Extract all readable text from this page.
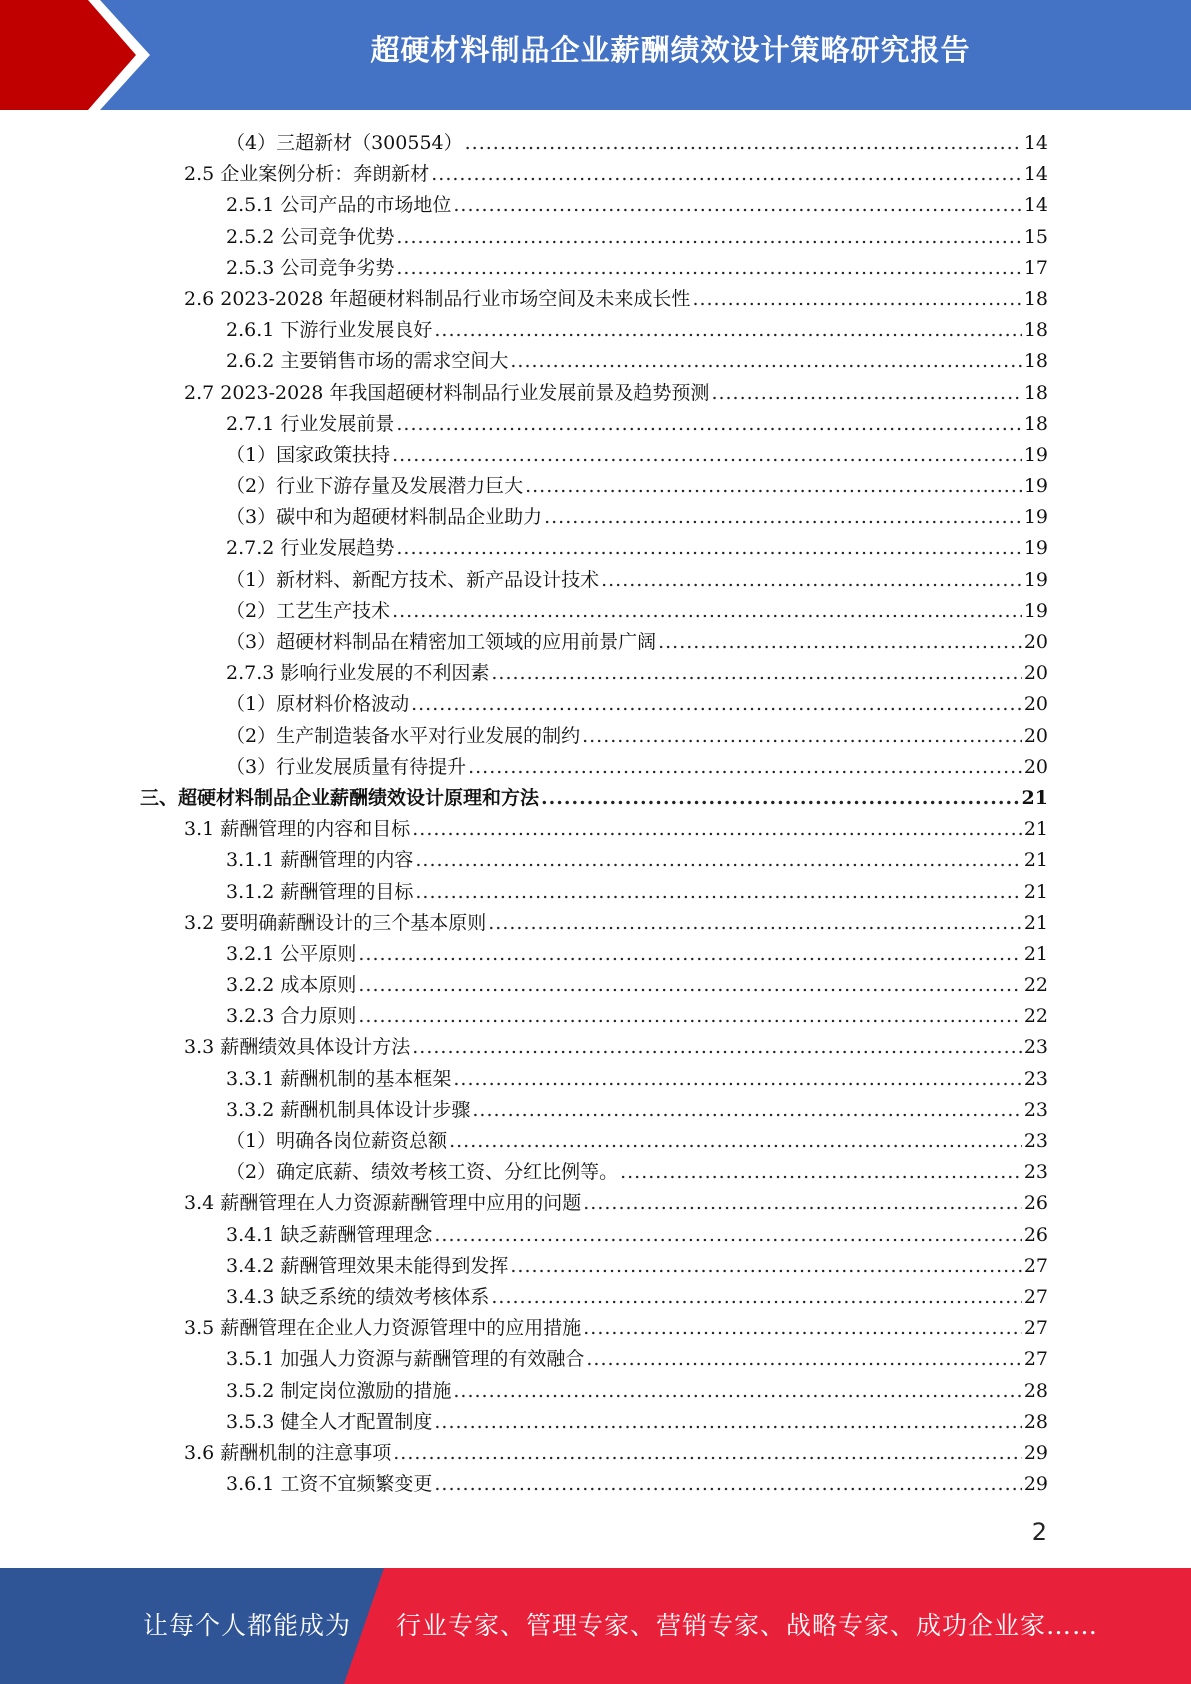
超硬材料制品企业薪酬绩效设计策略研究报告
（4）三超新材（300554） .....	14
2.5 企业案例分析：奔朗新材 .....	14
2.5.1 公司产品的市场地位 .....	14
2.5.2 公司竞争优势 .....	15
2.5.3 公司竞争劣势 .....	17
2.6 2023-2028 年超硬材料制品行业市场空间及未来成长性 .....	18
2.6.1 下游行业发展良好 .....	18
2.6.2 主要销售市场的需求空间大 .....	18
2.7 2023-2028 年我国超硬材料制品行业发展前景及趋势预测 .....	18
2.7.1 行业发展前景 .....	18
（1）国家政策扶持 .....	19
（2）行业下游存量及发展潜力巨大 .....	19
（3）碳中和为超硬材料制品企业助力 .....	19
2.7.2 行业发展趋势 .....	19
（1）新材料、新配方技术、新产品设计技术 .....	19
（2）工艺生产技术 .....	19
（3）超硬材料制品在精密加工领域的应用前景广阔 .....	20
2.7.3 影响行业发展的不利因素 .....	20
（1）原材料价格波动 .....	20
（2）生产制造装备水平对行业发展的制约 .....	20
（3）行业发展质量有待提升 .....	20
三、超硬材料制品企业薪酬绩效设计原理和方法 .....	21
3.1 薪酬管理的内容和目标 .....	21
3.1.1 薪酬管理的内容 .....	21
3.1.2 薪酬管理的目标 .....	21
3.2 要明确薪酬设计的三个基本原则 .....	21
3.2.1 公平原则 .....	21
3.2.2 成本原则 .....	22
3.2.3 合力原则 .....	22
3.3 薪酬绩效具体设计方法 .....	23
3.3.1 薪酬机制的基本框架 .....	23
3.3.2 薪酬机制具体设计步骤 .....	23
（1）明确各岗位薪资总额 .....	23
（2）确定底薪、绩效考核工资、分红比例等。 .....	23
3.4 薪酬管理在人力资源薪酬管理中应用的问题 .....	26
3.4.1 缺乏薪酬管理理念 .....	26
3.4.2 薪酬管理效果未能得到发挥 .....	27
3.4.3 缺乏系统的绩效考核体系 .....	27
3.5 薪酬管理在企业人力资源管理中的应用措施 .....	27
3.5.1 加强人力资源与薪酬管理的有效融合 .....	27
3.5.2 制定岗位激励的措施 .....	28
3.5.3 健全人才配置制度 .....	28
3.6 薪酬机制的注意事项 .....	29
3.6.1 工资不宜频繁变更 .....	29
2
让每个人都能成为 行业专家、管理专家、营销专家、战略专家、成功企业家……
